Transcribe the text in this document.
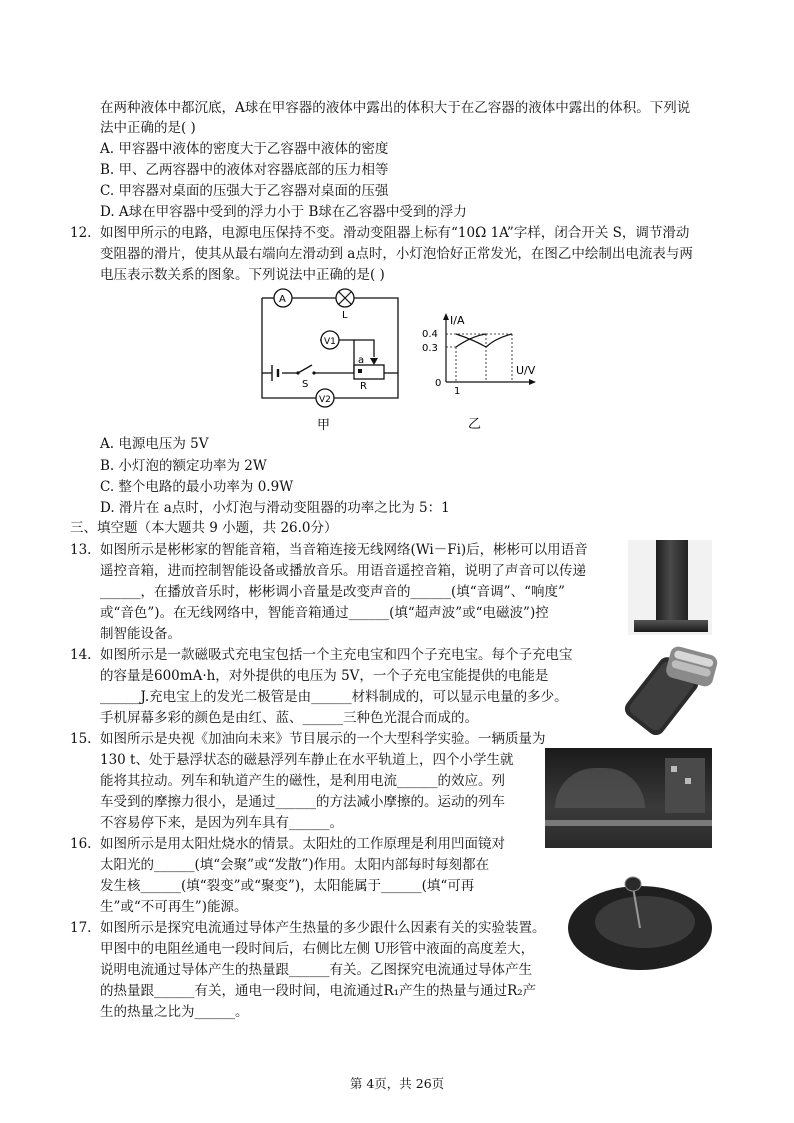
在两种液体中都沉底，A球在甲容器的液体中露出的体积大于在乙容器的液体中露出的体积。下列说
法中正确的是( )
A. 甲容器中液体的密度大于乙容器中液体的密度
B. 甲、乙两容器中的液体对容器底部的压力相等
C. 甲容器对桌面的压强大于乙容器对桌面的压强
D. A球在甲容器中受到的浮力小于 B球在乙容器中受到的浮力
12. 如图甲所示的电路，电源电压保持不变。滑动变阻器上标有“10Ω 1A”字样，闭合开关 S，调节滑动
变阻器的滑片，使其从最右端向左滑动到 a点时，小灯泡恰好正常发光，在图乙中绘制出电流表与两
电压表示数关系的图象。下列说法中正确的是( )
S
A
L
V1
a
R
V2
甲
I/A
U/V
0
0.4
0.3
1
乙
A. 电源电压为 5V
B. 小灯泡的额定功率为 2W
C. 整个电路的最小功率为 0.9W
D. 滑片在 a点时，小灯泡与滑动变阻器的功率之比为 5：1
三、填空题（本大题共 9 小题，共 26.0分）
13. 如图所示是彬彬家的智能音箱，当音箱连接无线网络(Wi－Fi)后，彬彬可以用语音
遥控音箱，进而控制智能设备或播放音乐。用语音遥控音箱，说明了声音可以传递
______，在播放音乐时，彬彬调小音量是改变声音的______(填“音调”、“响度”
或“音色”)。在无线网络中，智能音箱通过______(填“超声波”或“电磁波”)控
制智能设备。
14. 如图所示是一款磁吸式充电宝包括一个主充电宝和四个子充电宝。每个子充电宝
的容量是600mA·h，对外提供的电压为 5V，一个子充电宝能提供的电能是
______J.充电宝上的发光二极管是由______材料制成的，可以显示电量的多少。
手机屏幕多彩的颜色是由红、蓝、______三种色光混合而成的。
15. 如图所示是央视《加油向未来》节目展示的一个大型科学实验。一辆质量为
130 t、处于悬浮状态的磁悬浮列车静止在水平轨道上，四个小学生就
能将其拉动。列车和轨道产生的磁性，是利用电流______的效应。列
车受到的摩擦力很小，是通过______的方法减小摩擦的。运动的列车
不容易停下来，是因为列车具有______。
16. 如图所示是用太阳灶烧水的情景。太阳灶的工作原理是利用凹面镜对
太阳光的______(填“会聚”或“发散”)作用。太阳内部每时每刻都在
发生核______(填“裂变”或“聚变”)，太阳能属于______(填“可再
生”或“不可再生”)能源。
17. 如图所示是探究电流通过导体产生热量的多少跟什么因素有关的实验装置。
甲图中的电阻丝通电一段时间后，右侧比左侧 U形管中液面的高度差大，
说明电流通过导体产生的热量跟______有关。乙图探究电流通过导体产生
的热量跟______有关，通电一段时间，电流通过R₁产生的热量与通过R₂产
生的热量之比为______。
第 4页，共 26页
